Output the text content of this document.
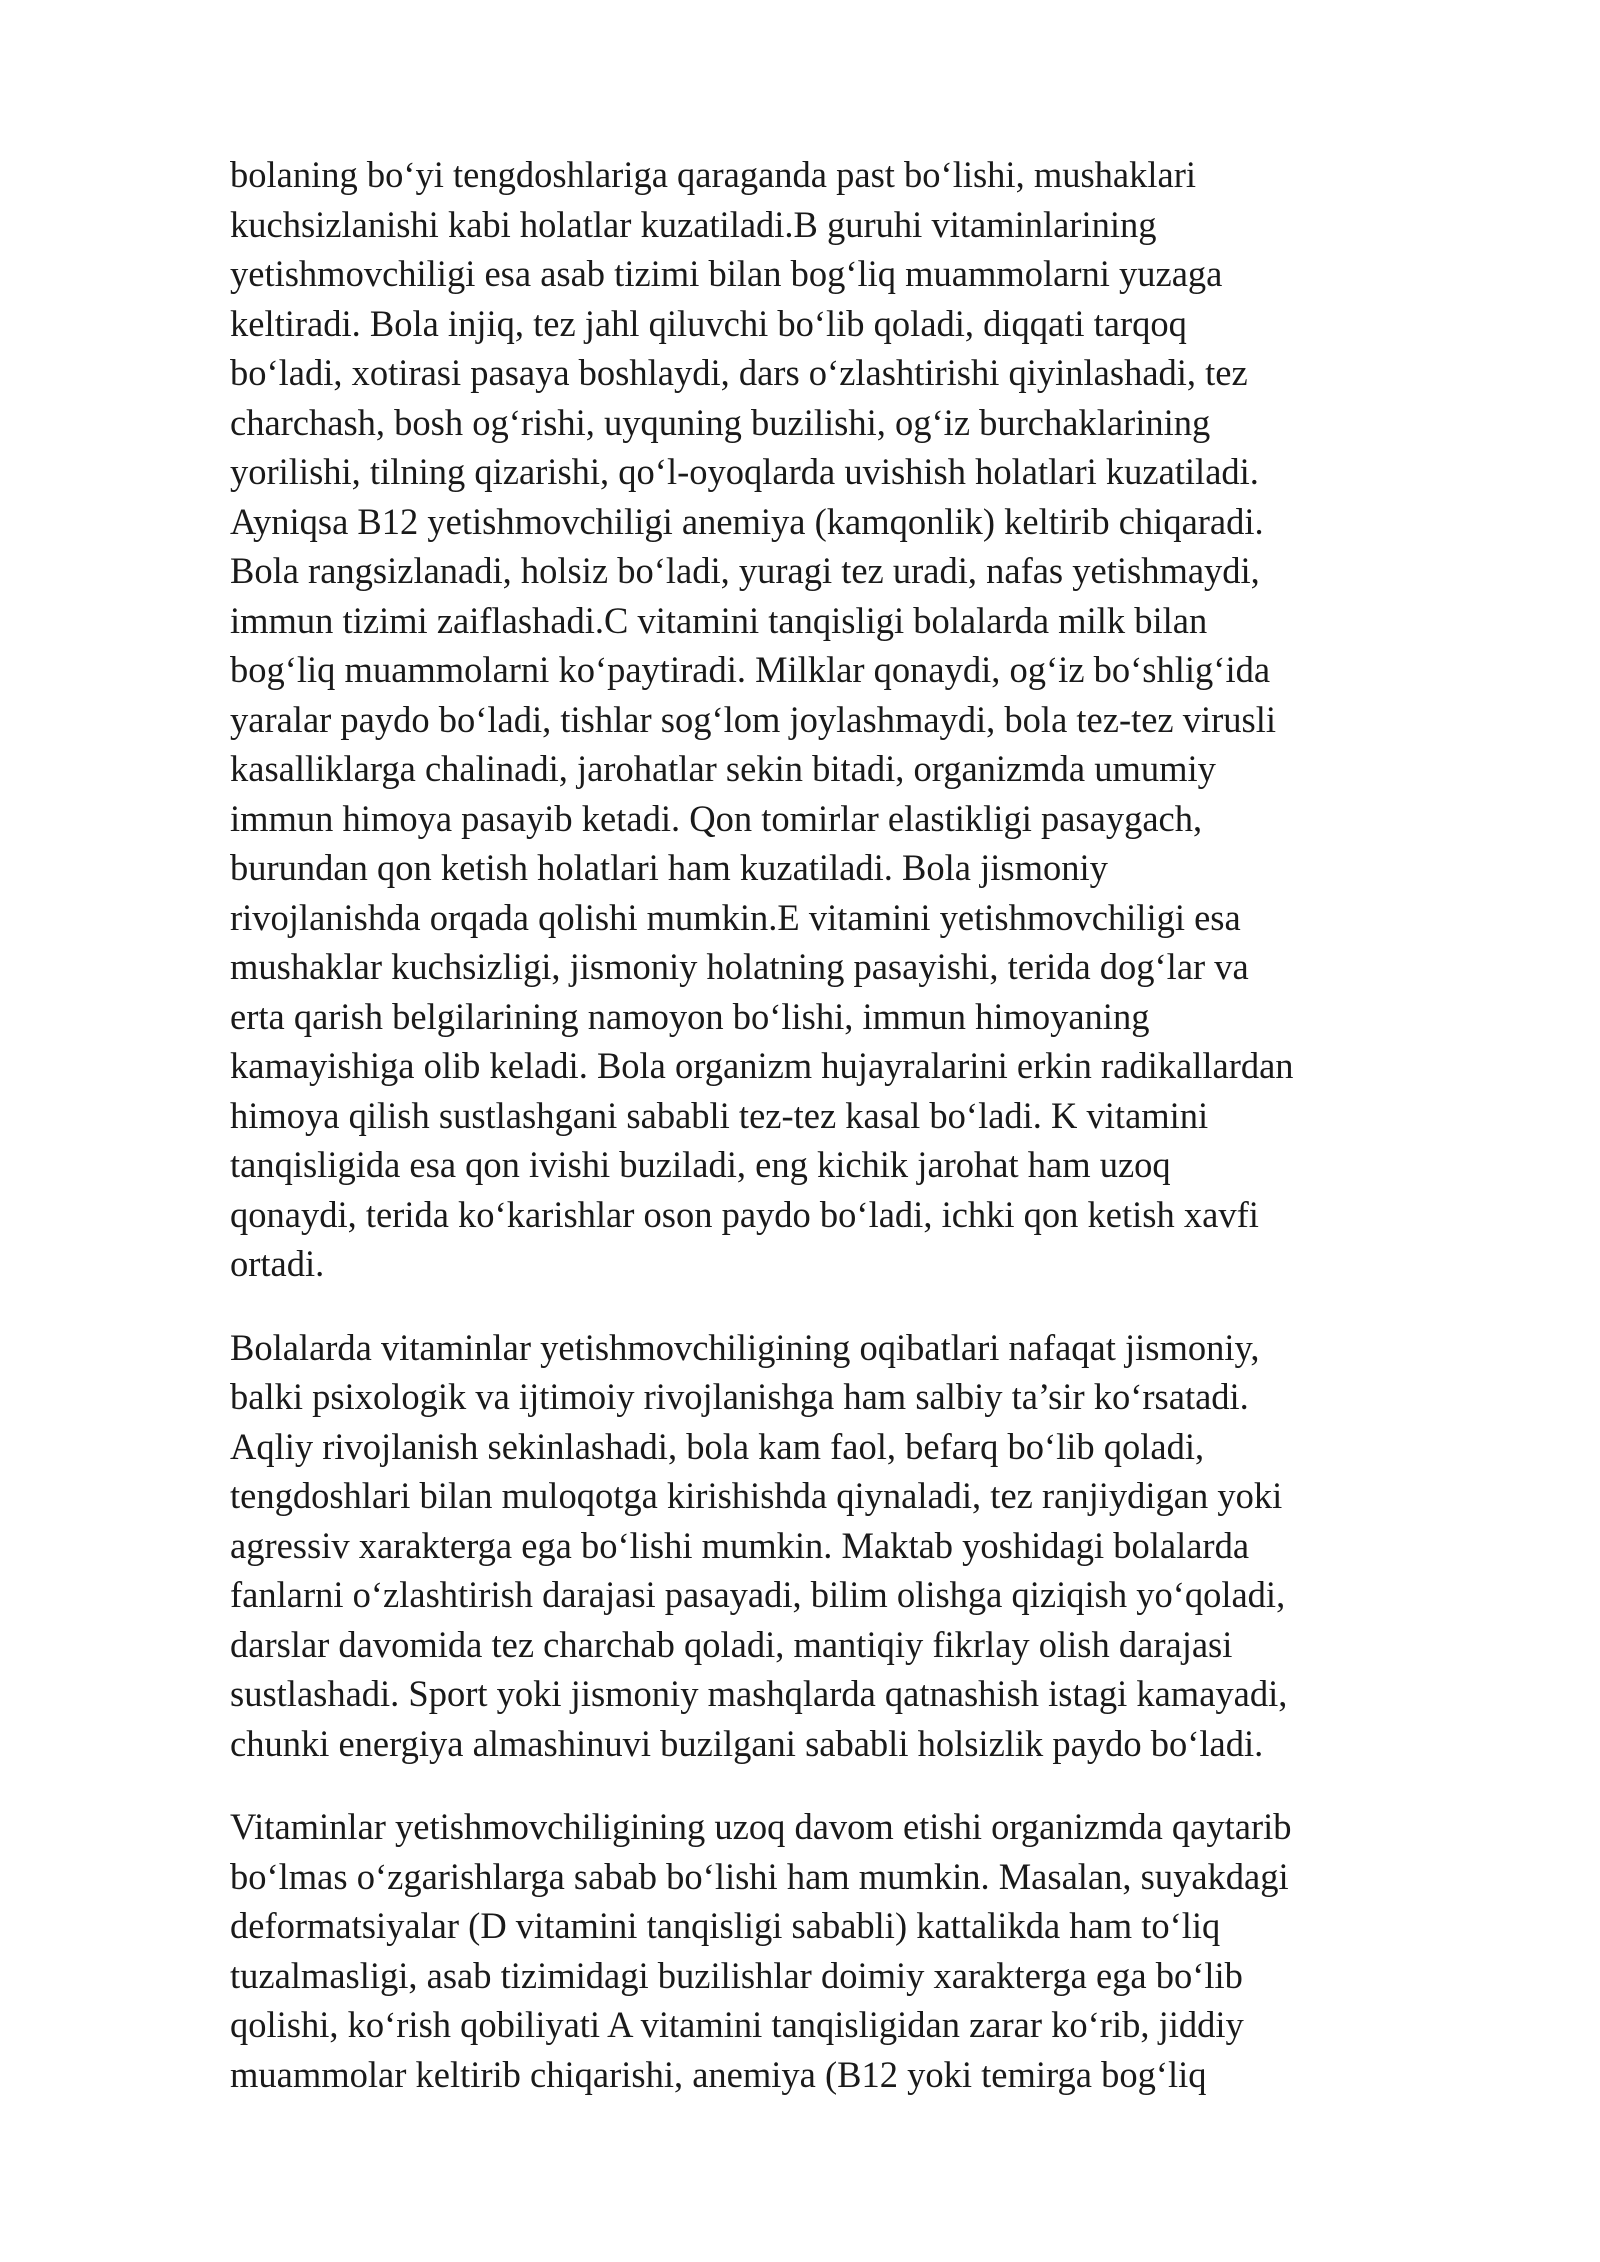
bolaning bo‘yi tengdoshlariga qaraganda past bo‘lishi, mushaklari
kuchsizlanishi kabi holatlar kuzatiladi.B guruhi vitaminlarining
yetishmovchiligi esa asab tizimi bilan bog‘liq muammolarni yuzaga
keltiradi. Bola injiq, tez jahl qiluvchi bo‘lib qoladi, diqqati tarqoq
bo‘ladi, xotirasi pasaya boshlaydi, dars o‘zlashtirishi qiyinlashadi, tez
charchash, bosh og‘rishi, uyquning buzilishi, og‘iz burchaklarining
yorilishi, tilning qizarishi, qo‘l-oyoqlarda uvishish holatlari kuzatiladi.
Ayniqsa B12 yetishmovchiligi anemiya (kamqonlik) keltirib chiqaradi.
Bola rangsizlanadi, holsiz bo‘ladi, yuragi tez uradi, nafas yetishmaydi,
immun tizimi zaiflashadi.C vitamini tanqisligi bolalarda milk bilan
bog‘liq muammolarni ko‘paytiradi. Milklar qonaydi, og‘iz bo‘shlig‘ida
yaralar paydo bo‘ladi, tishlar sog‘lom joylashmaydi, bola tez-tez virusli
kasalliklarga chalinadi, jarohatlar sekin bitadi, organizmda umumiy
immun himoya pasayib ketadi. Qon tomirlar elastikligi pasaygach,
burundan qon ketish holatlari ham kuzatiladi. Bola jismoniy
rivojlanishda orqada qolishi mumkin.E vitamini yetishmovchiligi esa
mushaklar kuchsizligi, jismoniy holatning pasayishi, terida dog‘lar va
erta qarish belgilarining namoyon bo‘lishi, immun himoyaning
kamayishiga olib keladi. Bola organizm hujayralarini erkin radikallardan
himoya qilish sustlashgani sababli tez-tez kasal bo‘ladi. K vitamini
tanqisligida esa qon ivishi buziladi, eng kichik jarohat ham uzoq
qonaydi, terida ko‘karishlar oson paydo bo‘ladi, ichki qon ketish xavfi
ortadi.

Bolalarda vitaminlar yetishmovchiligining oqibatlari nafaqat jismoniy,
balki psixologik va ijtimoiy rivojlanishga ham salbiy ta’sir ko‘rsatadi.
Aqliy rivojlanish sekinlashadi, bola kam faol, befarq bo‘lib qoladi,
tengdoshlari bilan muloqotga kirishishda qiynaladi, tez ranjiydigan yoki
agressiv xarakterga ega bo‘lishi mumkin. Maktab yoshidagi bolalarda
fanlarni o‘zlashtirish darajasi pasayadi, bilim olishga qiziqish yo‘qoladi,
darslar davomida tez charchab qoladi, mantiqiy fikrlay olish darajasi
sustlashadi. Sport yoki jismoniy mashqlarda qatnashish istagi kamayadi,
chunki energiya almashinuvi buzilgani sababli holsizlik paydo bo‘ladi.

Vitaminlar yetishmovchiligining uzoq davom etishi organizmda qaytarib
bo‘lmas o‘zgarishlarga sabab bo‘lishi ham mumkin. Masalan, suyakdagi
deformatsiyalar (D vitamini tanqisligi sababli) kattalikda ham to‘liq
tuzalmasligi, asab tizimidagi buzilishlar doimiy xarakterga ega bo‘lib
qolishi, ko‘rish qobiliyati A vitamini tanqisligidan zarar ko‘rib, jiddiy
muammolar keltirib chiqarishi, anemiya (B12 yoki temirga bog‘liq
